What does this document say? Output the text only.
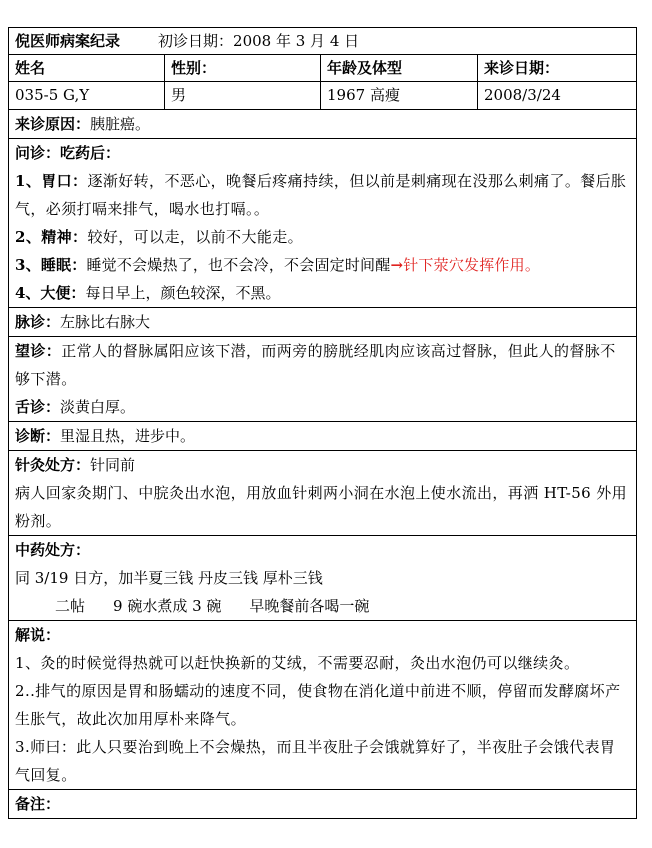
倪医师病案纪录	初诊日期：2008 年 3 月 4 日
姓名	性别：	年龄及体型	来诊日期：
035-5 G,Y	男	1967 高瘦	2008/3/24
来诊原因：胰脏癌。
问诊：吃药后：
1、胃口：逐渐好转，不恶心，晚餐后疼痛持续，但以前是刺痛现在没那么刺痛了。餐后胀气，必须打嗝来排气，喝水也打嗝。。
2、精神：较好，可以走，以前不大能走。
3、睡眠：睡觉不会燥热了，也不会冷，不会固定时间醒→针下荥穴发挥作用。
4、大便：每日早上，颜色较深，不黑。
脉诊：左脉比右脉大
望诊：正常人的督脉属阳应该下潜，而两旁的膀胱经肌肉应该高过督脉，但此人的督脉不够下潜。
舌诊：淡黄白厚。
诊断：里湿且热，进步中。
针灸处方：针同前
病人回家灸期门、中脘灸出水泡，用放血针刺两小洞在水泡上使水流出，再洒 HT-56 外用粉剂。
中药处方：
同 3/19 日方，加半夏三钱 丹皮三钱 厚朴三钱
二帖 9 碗水煮成 3 碗 早晚餐前各喝一碗
解说：
1、灸的时候觉得热就可以赶快换新的艾绒，不需要忍耐，灸出水泡仍可以继续灸。
2..排气的原因是胃和肠蠕动的速度不同，使食物在消化道中前进不顺，停留而发酵腐坏产生胀气，故此次加用厚朴来降气。
3.师曰：此人只要治到晚上不会燥热，而且半夜肚子会饿就算好了，半夜肚子会饿代表胃气回复。
备注：
